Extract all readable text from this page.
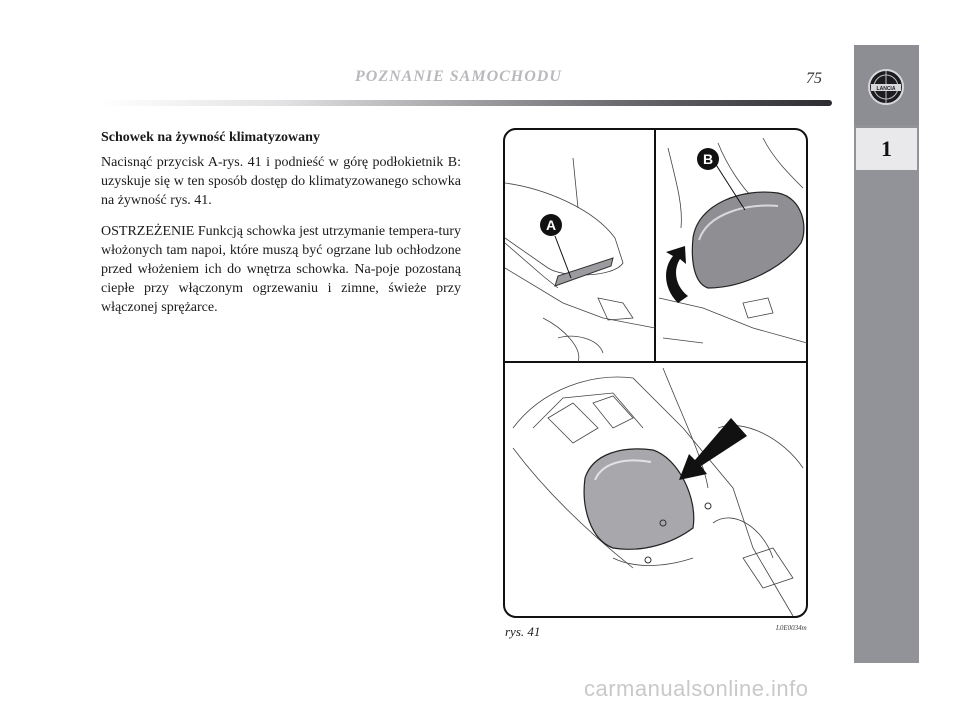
POZNANIE SAMOCHODU	75
LANCIA
1

Schowek na żywność klimatyzowany

Nacisnąć przycisk A-rys. 41 i podnieść w górę podłokietnik B: uzyskuje się w ten sposób dostęp do klimatyzowanego schowka na żywność rys. 41.

OSTRZEŻENIE Funkcją schowka jest utrzymanie tempera-tury włożonych tam napoi, które muszą być ogrzane lub ochłodzone przed włożeniem ich do wnętrza schowka. Na-poje pozostaną ciepłe przy włączonym ogrzewaniu i zimne, świeże przy włączonej sprężarce.

A
B
rys. 41	L0E0034m
carmanualsonline.info
